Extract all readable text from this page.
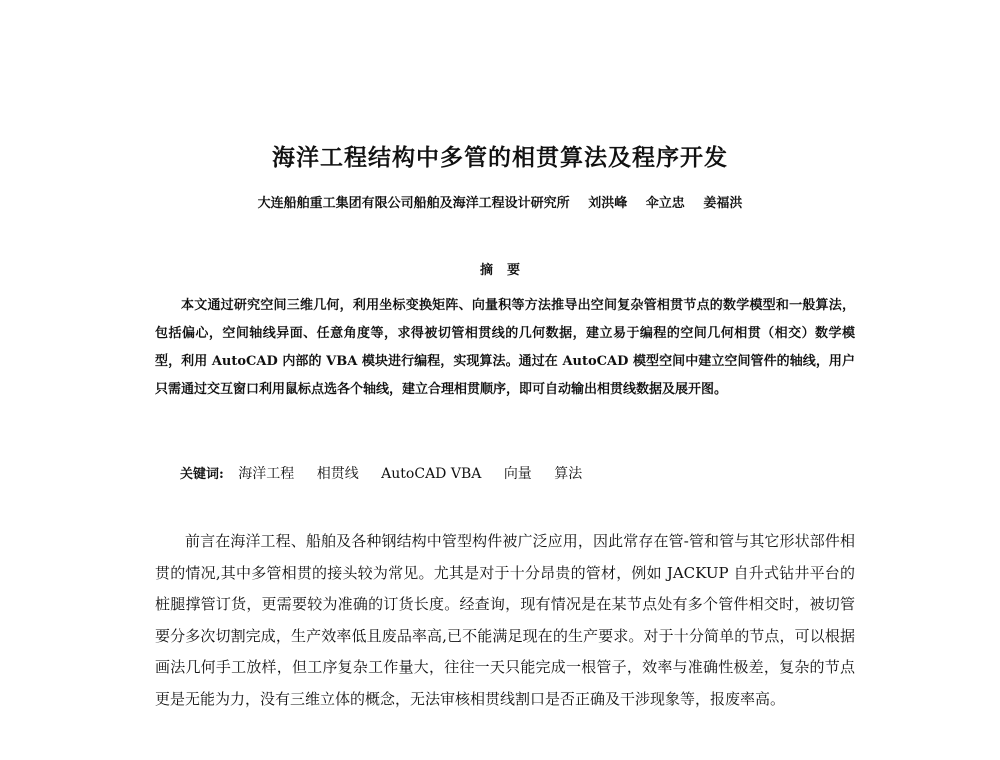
海洋工程结构中多管的相贯算法及程序开发
大连船舶重工集团有限公司船舶及海洋工程设计研究所 刘洪峰 伞立忠 姜福洪
摘要

本文通过研究空间三维几何，利用坐标变换矩阵、向量积等方法推导出空间复杂管相贯节点的数学模型和一般算法，包括偏心，空间轴线异面、任意角度等，求得被切管相贯线的几何数据，建立易于编程的空间几何相贯（相交）数学模型，利用 AutoCAD 内部的 VBA 模块进行编程，实现算法。通过在 AutoCAD 模型空间中建立空间管件的轴线，用户只需通过交互窗口利用鼠标点选各个轴线，建立合理相贯顺序，即可自动输出相贯线数据及展开图。

关键词: 海洋工程 相贯线 AutoCAD VBA 向量 算法

前言在海洋工程、船舶及各种钢结构中管型构件被广泛应用，因此常存在管-管和管与其它形状部件相贯的情况,其中多管相贯的接头较为常见。尤其是对于十分昂贵的管材，例如 JACKUP 自升式钻井平台的桩腿撑管订货，更需要较为准确的订货长度。经查询，现有情况是在某节点处有多个管件相交时，被切管要分多次切割完成，生产效率低且废品率高,已不能满足现在的生产要求。对于十分简单的节点，可以根据画法几何手工放样，但工序复杂工作量大，往往一天只能完成一根管子，效率与准确性极差，复杂的节点更是无能为力，没有三维立体的概念，无法审核相贯线割口是否正确及干涉现象等，报废率高。
